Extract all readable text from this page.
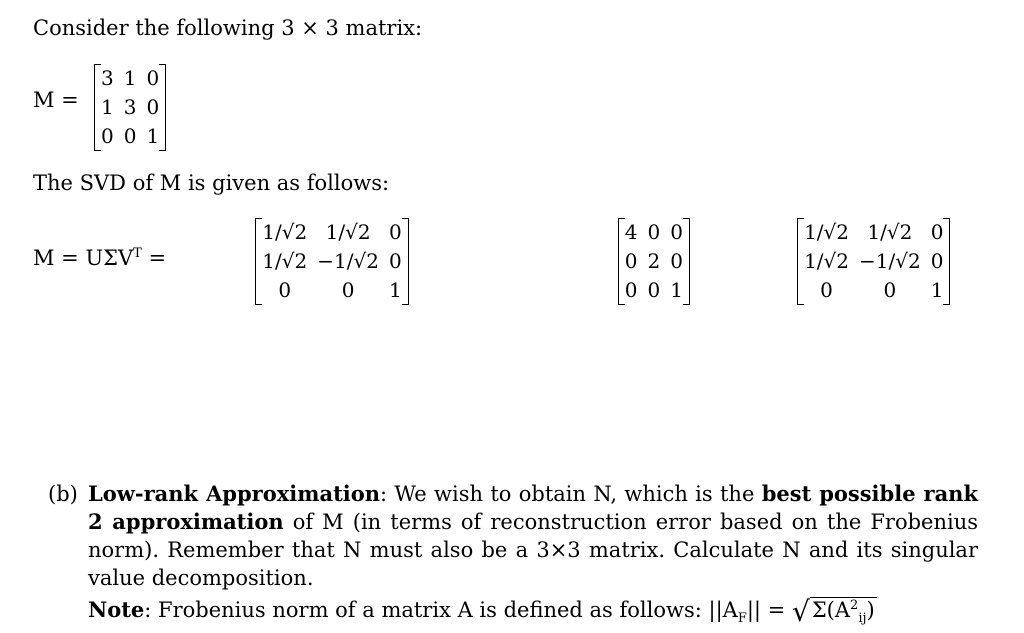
Consider the following 3 × 3 matrix:
M =
3	1	0
1	3	0
0	0	1

The SVD of M is given as follows:
$M = U\Sigma V^T$ =
1/√2	1/√2	0
1/√2	−1/√2	0
0	0	1

4	0	0
0	2	0
0	0	1

1/√2	1/√2	0
1/√2	−1/√2	0
0	0	1
(b) Low-rank Approximation: We wish to obtain N, which is the best possible rank 2 approximation of M (in terms of reconstruction error based on the Frobenius norm). Remember that N must also be a 3×3 matrix. Calculate N and its singular value decomposition.
Note: Frobenius norm of a matrix A is defined as follows: $||A_F|| = √\Sigma(A^2_{ij})$
